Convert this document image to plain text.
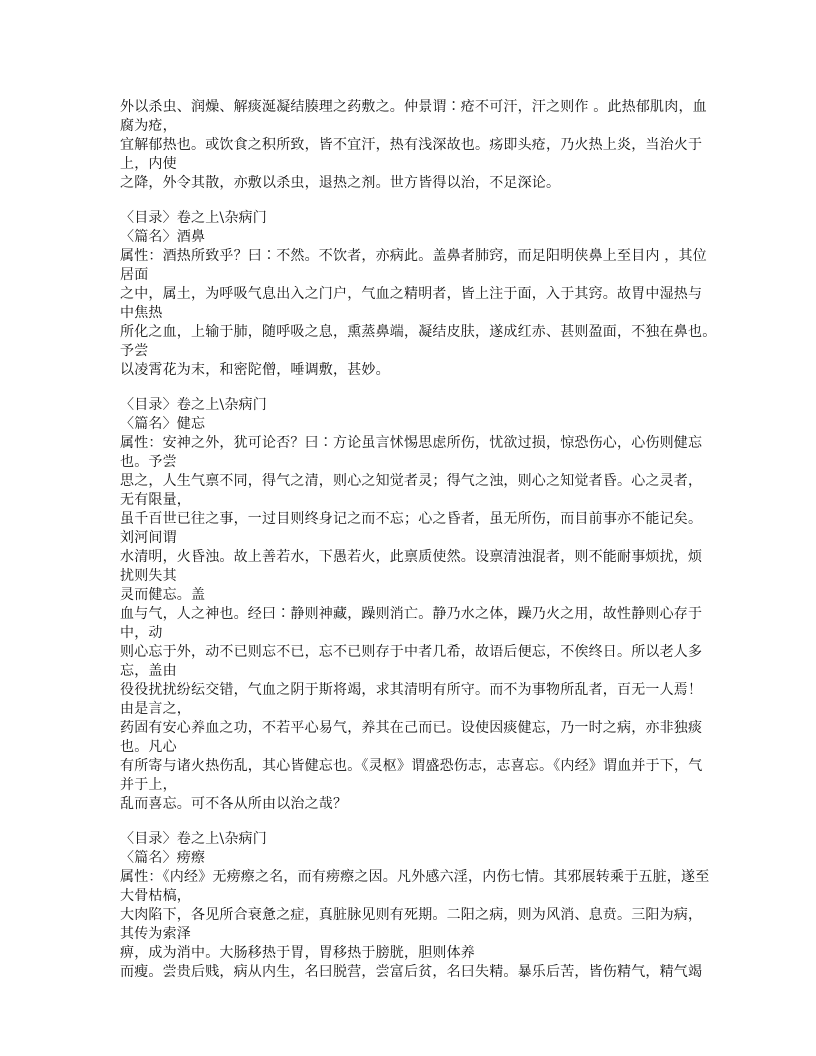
外以杀虫、润燥、解痰涎凝结腠理之药敷之。仲景谓∶疮不可汗，汗之则作 。此热郁肌肉，血
腐为疮，
宜解郁热也。或饮食之积所致，皆不宜汗，热有浅深故也。疡即头疮，乃火热上炎，当治火于
上，内使
之降，外令其散，亦敷以杀虫，退热之剂。世方皆得以治，不足深论。
〈目录〉卷之上\杂病门
〈篇名〉酒鼻
属性：酒热所致乎？曰∶不然。不饮者，亦病此。盖鼻者肺窍，而足阳明侠鼻上至目内 ，其位
居面
之中，属土，为呼吸气息出入之门户，气血之精明者，皆上注于面，入于其窍。故胃中湿热与
中焦热
所化之血，上输于肺，随呼吸之息，熏蒸鼻端，凝结皮肤，遂成红赤、甚则盈面，不独在鼻也。
予尝
以凌霄花为末，和密陀僧，唾调敷，甚妙。
〈目录〉卷之上\杂病门
〈篇名〉健忘
属性：安神之外，犹可论否？曰∶方论虽言怵惕思虑所伤，忧欲过损，惊恐伤心，心伤则健忘
也。予尝
思之，人生气禀不同，得气之清，则心之知觉者灵；得气之浊，则心之知觉者昏。心之灵者，
无有限量，
虽千百世已往之事，一过目则终身记之而不忘；心之昏者，虽无所伤，而目前事亦不能记矣。
刘河间谓
水清明，火昏浊。故上善若水，下愚若火，此禀质使然。设禀清浊混者，则不能耐事烦扰，烦
扰则失其
灵而健忘。盖
血与气，人之神也。经曰∶静则神藏，躁则消亡。静乃水之体，躁乃火之用，故性静则心存于
中，动
则心忘于外，动不已则忘不已，忘不已则存于中者几希，故语后便忘，不俟终日。所以老人多
忘，盖由
役役扰扰纷纭交错，气血之阴于斯将竭，求其清明有所守。而不为事物所乱者，百无一人焉！
由是言之，
药固有安心养血之功，不若平心易气，养其在己而已。设使因痰健忘，乃一时之病，亦非独痰
也。凡心
有所寄与诸火热伤乱，其心皆健忘也。《灵枢》谓盛恐伤志，志喜忘。《内经》谓血并于下，气
并于上，
乱而喜忘。可不各从所由以治之哉？
〈目录〉卷之上\杂病门
〈篇名〉痨瘵
属性：《内经》无痨瘵之名，而有痨瘵之因。凡外感六淫，内伤七情。其邪展转乘于五脏，遂至
大骨枯槁，
大肉陷下，各见所合衰惫之症，真脏脉见则有死期。二阳之病，则为风消、息贲。三阳为病，
其传为索泽
痹，成为消中。大肠移热于胃，胃移热于膀胱，胆则体养
而瘦。尝贵后贱，病从内生，名曰脱营，尝富后贫，名曰失精。暴乐后苦，皆伤精气，精气竭
